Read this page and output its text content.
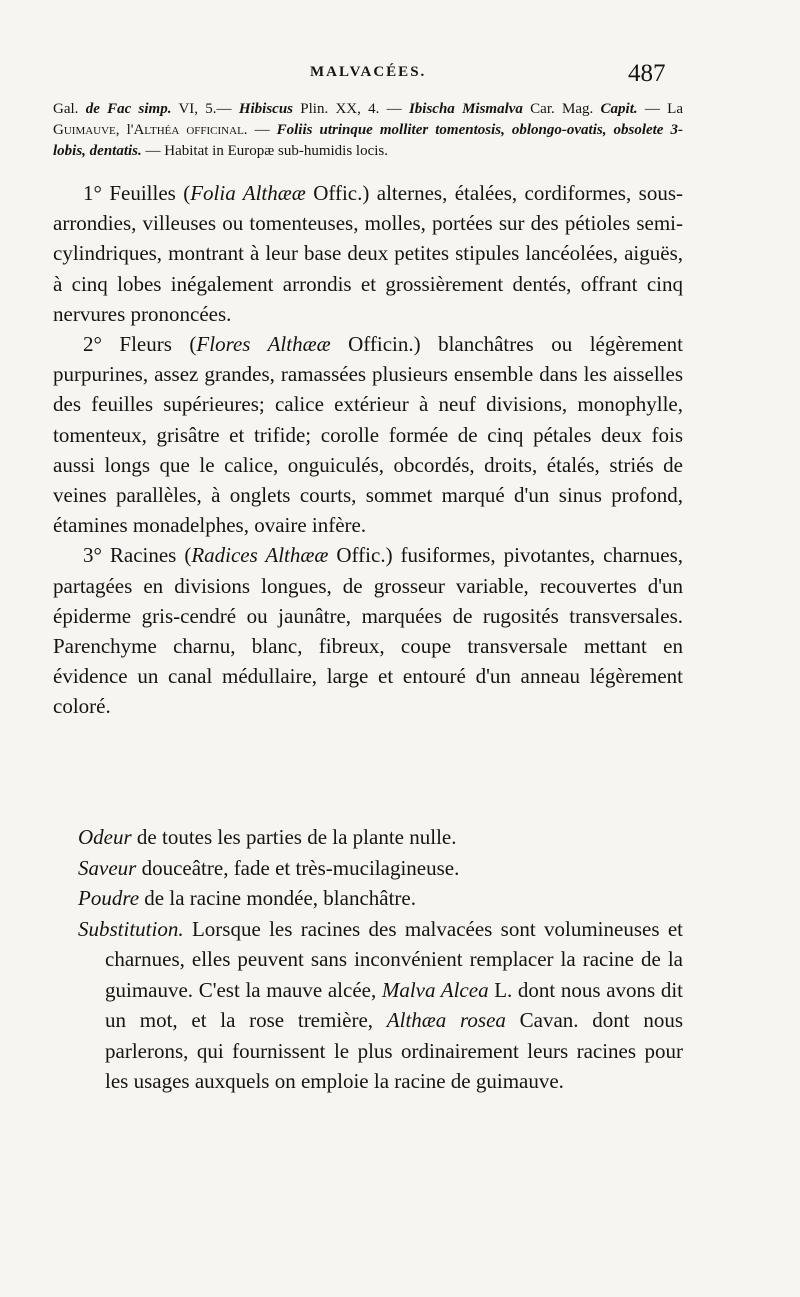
MALVACÉES.	487
Gal. de Fac simp. VI, 5.— Hibiscus Plin. XX, 4. — Ibischa Mismalva Car. Mag. Capit. — La Guimauve, l'Althéa officinal. — Foliis utrinque molliter tomentosis, oblongo-ovatis, obsolete 3-lobis, dentatis. — Habitat in Europæ sub-humidis locis.

1° Feuilles (Folia Althææ Offic.) alternes, étalées, cordiformes, sous-arrondies, villeuses ou tomenteuses, molles, portées sur des pétioles semi-cylindriques, montrant à leur base deux petites stipules lancéolées, aiguës, à cinq lobes inégalement arrondis et grossièrement dentés, offrant cinq nervures prononcées.

2° Fleurs (Flores Althææ Officin.) blanchâtres ou légèrement purpurines, assez grandes, ramassées plusieurs ensemble dans les aisselles des feuilles supérieures; calice extérieur à neuf divisions, monophylle, tomenteux, grisâtre et trifide; corolle formée de cinq pétales deux fois aussi longs que le calice, onguiculés, obcordés, droits, étalés, striés de veines parallèles, à onglets courts, sommet marqué d'un sinus profond, étamines monadelphes, ovaire infère.

3° Racines (Radices Althææ Offic.) fusiformes, pivotantes, charnues, partagées en divisions longues, de grosseur variable, recouvertes d'un épiderme gris-cendré ou jaunâtre, marquées de rugosités transversales. Parenchyme charnu, blanc, fibreux, coupe transversale mettant en évidence un canal médullaire, large et entouré d'un anneau légèrement coloré.

Odeur de toutes les parties de la plante nulle.

Saveur douceâtre, fade et très-mucilagineuse.

Poudre de la racine mondée, blanchâtre.

Substitution. Lorsque les racines des malvacées sont volumineuses et charnues, elles peuvent sans inconvénient remplacer la racine de la guimauve. C'est la mauve alcée, Malva Alcea L. dont nous avons dit un mot, et la rose tremière, Althæa rosea Cavan. dont nous parlerons, qui fournissent le plus ordinairement leurs racines pour les usages auxquels on emploie la racine de guimauve.
